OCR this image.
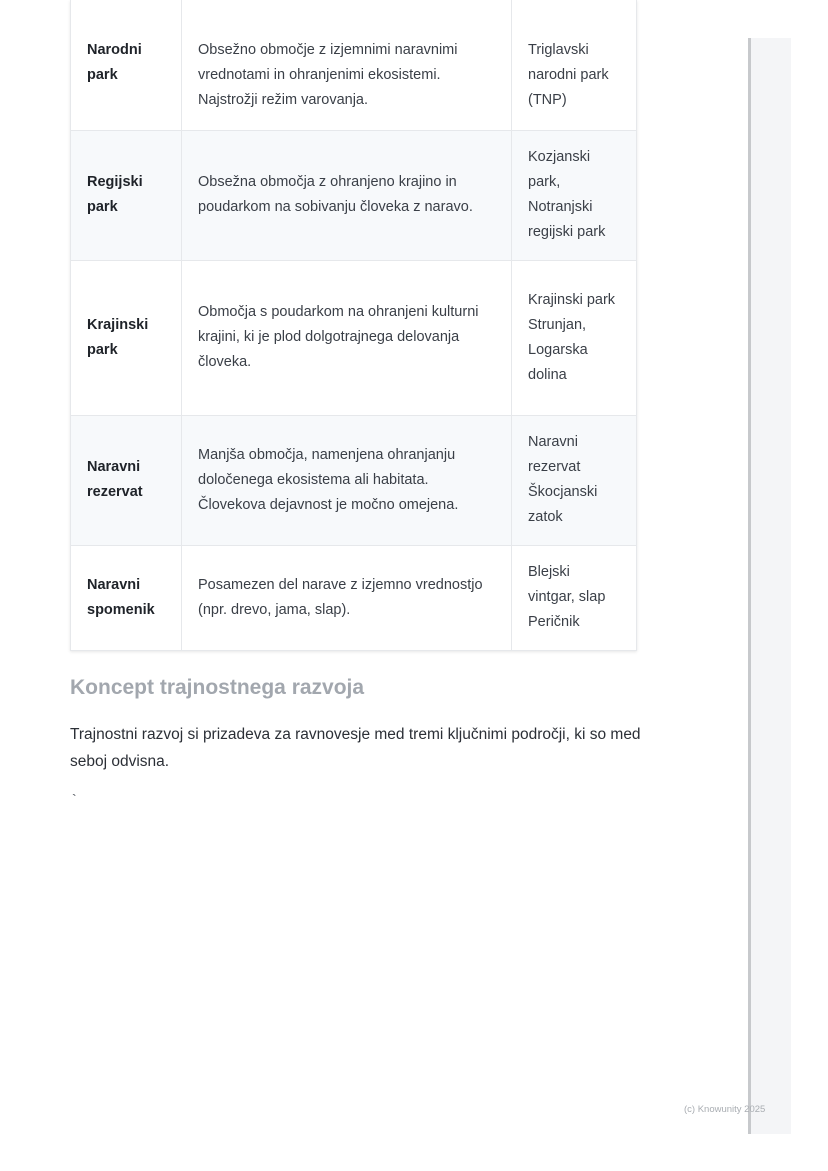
Narodni park	Obsežno območje z izjemnimi naravnimi vrednotami in ohranjenimi ekosistemi. Najstrožji režim varovanja.	Triglavski narodni park (TNP)
Regijski park	Obsežna območja z ohranjeno krajino in poudarkom na sobivanju človeka z naravo.	Kozjanski park, Notranjski regijski park
Krajinski park	Območja s poudarkom na ohranjeni kulturni krajini, ki je plod dolgotrajnega delovanja človeka.	Krajinski park Strunjan, Logarska dolina
Naravni rezervat	Manjša območja, namenjena ohranjanju določenega ekosistema ali habitata. Človekova dejavnost je močno omejena.	Naravni rezervat Škocjanski zatok
Naravni spomenik	Posamezen del narave z izjemno vrednostjo (npr. drevo, jama, slap).	Blejski vintgar, slap Peričnik
Koncept trajnostnega razvoja

Trajnostni razvoj si prizadeva za ravnovesje med tremi ključnimi področji, ki so med seboj odvisna.

`
(c) Knowunity 2025
